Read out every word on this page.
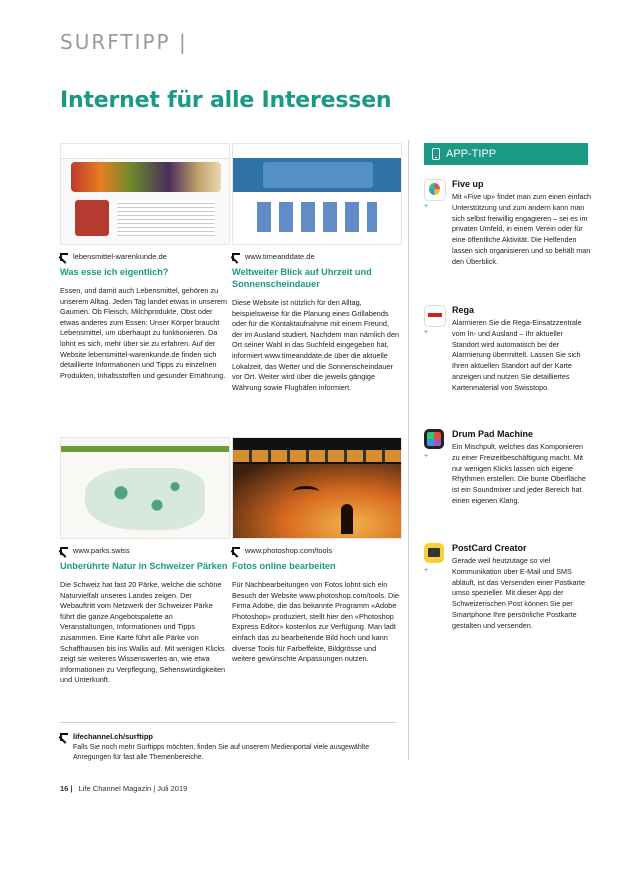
SURFTIPP |
Internet für alle Interessen
lebensmittel-warenkunde.de
Was esse ich eigentlich?
Essen, und damit auch Lebensmittel, gehören zu unserem Alltag. Jeden Tag landet etwas in unserem Gaumen. Ob Fleisch, Milchprodukte, Obst oder etwas anderes zum Essen: Unser Körper braucht Lebensmittel, um überhaupt zu funktionieren. Da lohnt es sich, mehr über sie zu erfahren. Auf der Website lebensmittel-warenkunde.de finden sich detaillierte Informationen und Tipps zu einzelnen Produkten, Inhaltsstoffen und gesunder Ernährung.
www.timeanddate.de
Weltweiter Blick auf Uhrzeit und Sonnenscheindauer
Diese Website ist nützlich für den Alltag, beispielsweise für die Planung eines Grillabends oder für die Kontaktaufnahme mit einem Freund, der im Ausland studiert. Nachdem man nämlich den Ort seiner Wahl in das Suchfeld eingegeben hat, informiert www.timeanddate.de über die aktuelle Lokalzeit, das Wetter und die Sonnenscheindauer vor Ort. Weiter wird über die jeweils gängige Währung sowie Flughäfen informiert.
www.parks.swiss
Unberührte Natur in Schweizer Pärken
Die Schweiz hat fast 20 Pärke, welche die schöne Naturvielfalt unseres Landes zeigen. Der Webauftritt vom Netzwerk der Schweizer Pärke führt die ganze Angebotspalette an Veranstaltungen, Informationen und Tipps zusammen. Eine Karte führt alle Pärke von Schaffhausen bis ins Wallis auf. Mit wenigen Klicks zeigt sie weiteres Wissenswertes an, wie etwa Informationen zu Verpflegung, Sehenswürdigkeiten und Unterkunft.
www.photoshop.com/tools
Fotos online bearbeiten
Für Nachbearbeitungen von Fotos lohnt sich ein Besuch der Website www.photoshop.com/tools. Die Firma Adobe, die das bekannte Programm «Adobe Photoshop» produziert, stellt hier den «Photoshop Express Editor» kostenlos zur Verfügung. Man ladt einfach das zu bearbeitende Bild hoch und kann diverse Tools für Farbeffekte, Bildgrösse und weitere gewünschte Anpassungen nutzen.
APP-TIPP
+
Five up
Mit «Five up» findet man zum einen einfach Unterstützung und zum andern kann man sich selbst freiwillig engagieren – sei es im privaten Umfeld, in einem Verein oder für eine öffentliche Aktivität. Die Helfenden lassen sich organisieren und so behält man den Überblick.
+
Rega
Alarmieren Sie die Rega-Einsatzzentrale vom In- und Ausland – Ihr aktueller Standort wird automatisch bei der Alarmierung übermittelt. Lassen Sie sich Ihren aktuellen Standort auf der Karte anzeigen und nutzen Sie detailliertes Kartenmaterial von Swisstopo.
+
Drum Pad Machine
Ein Mischpult, welches das Komponieren zu einer Freizeitbeschäftigung macht. Mit nur wenigen Klicks lassen sich eigene Rhythmen erstellen. Die bunte Oberfläche ist ein Soundmixer und jeder Bereich hat einen eigenen Klang.
+
PostCard Creator
Gerade weil heutzutage so viel Kommunikation über E-Mail und SMS abläuft, ist das Versenden einer Postkarte umso spezieller. Mit dieser App der Schweizerischen Post können Sie per Smartphone Ihre persönliche Postkarte gestalten und versenden.
lifechannel.ch/surftipp
Falls Sie noch mehr Surftipps möchten, finden Sie auf unserem Medienportal viele ausgewählte Anregungen für fast alle Themenbereiche.
16 | Life Channel Magazin | Juli 2019
